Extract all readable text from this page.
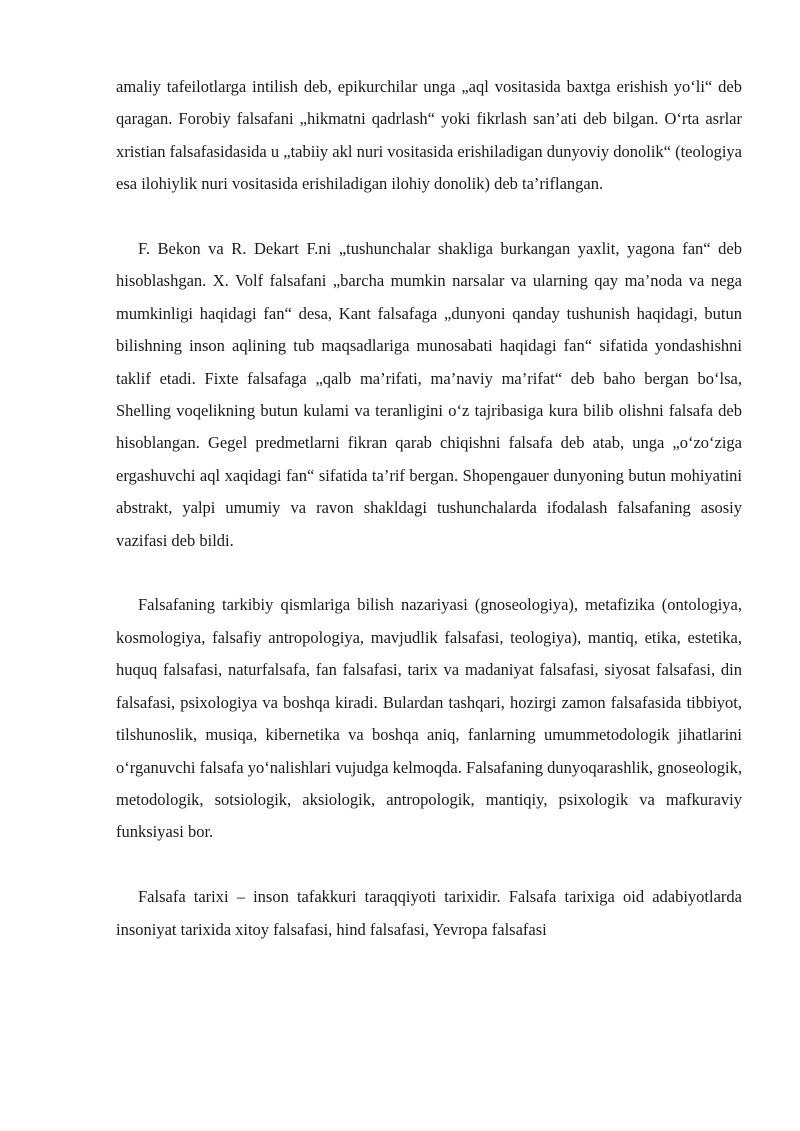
amaliy tafeilotlarga intilish deb, epikurchilar unga „aql vositasida baxtga erishish yo‘li“ deb qaragan. Forobiy falsafani „hikmatni qadrlash“ yoki fikrlash san’ati deb bilgan. O‘rta asrlar xristian falsafasidasida u „tabiiy akl nuri vositasida erishiladigan dunyoviy donolik“ (teologiya esa ilohiylik nuri vositasida erishiladigan ilohiy donolik) deb ta’riflangan.

F. Bekon va R. Dekart F.ni „tushunchalar shakliga burkangan yaxlit, yagona fan“ deb hisoblashgan. X. Volf falsafani „barcha mumkin narsalar va ularning qay ma’noda va nega mumkinligi haqidagi fan“ desa, Kant falsafaga „dunyoni qanday tushunish haqidagi, butun bilishning inson aqlining tub maqsadlariga munosabati haqidagi fan“ sifatida yondashishni taklif etadi. Fixte falsafaga „qalb ma’rifati, ma’naviy ma’rifat“ deb baho bergan bo‘lsa, Shelling voqelikning butun kulami va teranligini o‘z tajribasiga kura bilib olishni falsafa deb hisoblangan. Gegel predmetlarni fikran qarab chiqishni falsafa deb atab, unga „o‘zo‘ziga ergashuvchi aql xaqidagi fan“ sifatida ta’rif bergan. Shopengauer dunyoning butun mohiyatini abstrakt, yalpi umumiy va ravon shakldagi tushunchalarda ifodalash falsafaning asosiy vazifasi deb bildi.

Falsafaning tarkibiy qismlariga bilish nazariyasi (gnoseologiya), metafizika (ontologiya, kosmologiya, falsafiy antropologiya, mavjudlik falsafasi, teologiya), mantiq, etika, estetika, huquq falsafasi, naturfalsafa, fan falsafasi, tarix va madaniyat falsafasi, siyosat falsafasi, din falsafasi, psixologiya va boshqa kiradi. Bulardan tashqari, hozirgi zamon falsafasida tibbiyot, tilshunoslik, musiqa, kibernetika va boshqa aniq, fanlarning umummetodologik jihatlarini o‘rganuvchi falsafa yo‘nalishlari vujudga kelmoqda. Falsafaning dunyoqarashlik, gnoseologik, metodologik, sotsiologik, aksiologik, antropologik, mantiqiy, psixologik va mafkuraviy funksiyasi bor.

Falsafa tarixi – inson tafakkuri taraqqiyoti tarixidir. Falsafa tarixiga oid adabiyotlarda insoniyat tarixida xitoy falsafasi, hind falsafasi, Yevropa falsafasi
